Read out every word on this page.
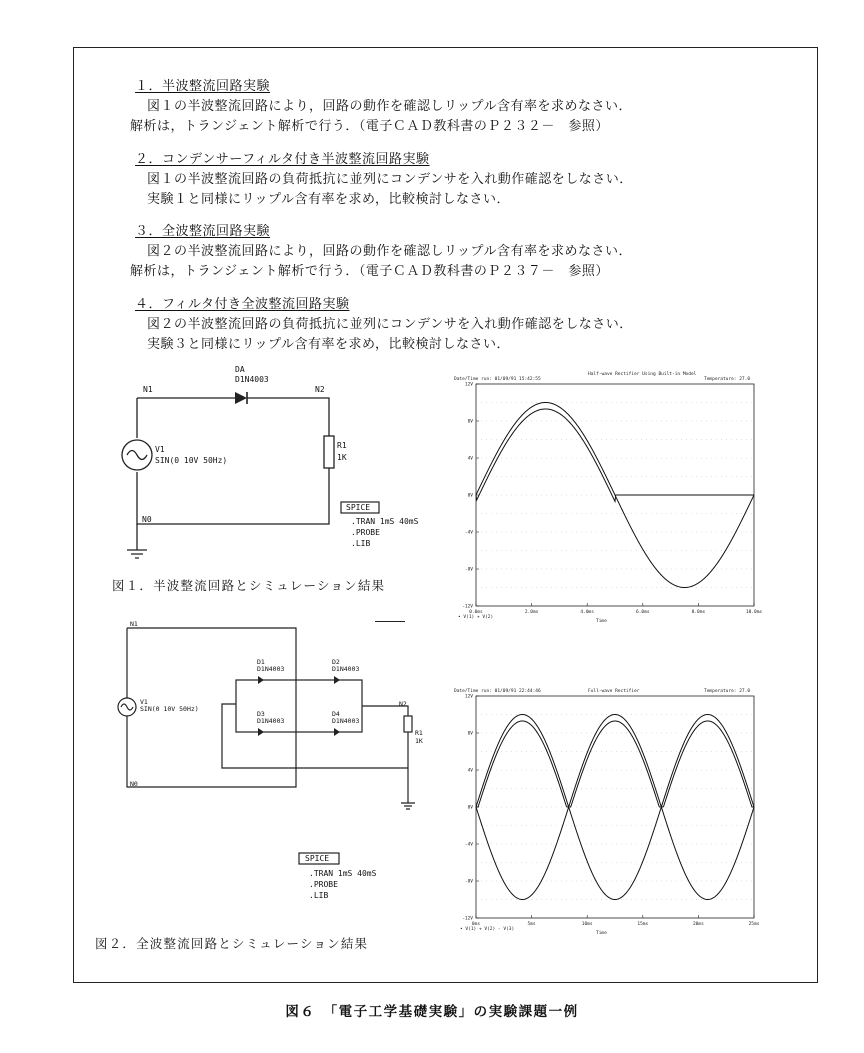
１．半波整流回路実験
図１の半波整流回路により，回路の動作を確認しリップル含有率を求めなさい．
解析は，トランジェント解析で行う．（電子ＣＡＤ教科書のＰ２３２－　参照）
２．コンデンサーフィルタ付き半波整流回路実験
図１の半波整流回路の負荷抵抗に並列にコンデンサを入れ動作確認をしなさい．
実験１と同様にリップル含有率を求め，比較検討しなさい．
３．全波整流回路実験
図２の半波整流回路により，回路の動作を確認しリップル含有率を求めなさい．
解析は，トランジェント解析で行う．（電子ＣＡＤ教科書のＰ２３７－　参照）
４．フィルタ付き全波整流回路実験
図２の半波整流回路の負荷抵抗に並列にコンデンサを入れ動作確認をしなさい．
実験３と同様にリップル含有率を求め，比較検討しなさい．
N1	N2
N0
DA
D1N4003
R1
1K
V1
SIN(0 10V 50Hz)
SPICE
.TRAN 1mS 40mS
.PROBE
.LIB
図１．半波整流回路とシミュレーション結果
Date/Time run: 01/09/91 15:42:55
Half-wave Rectifier Using Built-in Model
Temperature: 27.0
• V(1) + V(2)
Time
12V
8V
4V
0V
-4V
-8V
-12V
0.0ms	2.0ms	4.0ms	6.0ms	8.0ms	10.0ms
N1
N2
N0
D1
D1N4003
D2
D1N4003
D3
D1N4003
D4
D1N4003
R1
1K
V1
SIN(0 10V 50Hz)
SPICE
.TRAN 1mS 40mS
.PROBE
.LIB
図２．全波整流回路とシミュレーション結果
Date/Time run: 01/09/91 22:44:46	Full-wave Rectifier	Temperature: 27.0
• V(1) + V(2) - V(3)
Time
12V
8V
4V
0V
-4V
-8V
-12V
0ms	5ms	10ms	15ms	20ms	25ms
図６　「電子工学基礎実験」の実験課題一例
